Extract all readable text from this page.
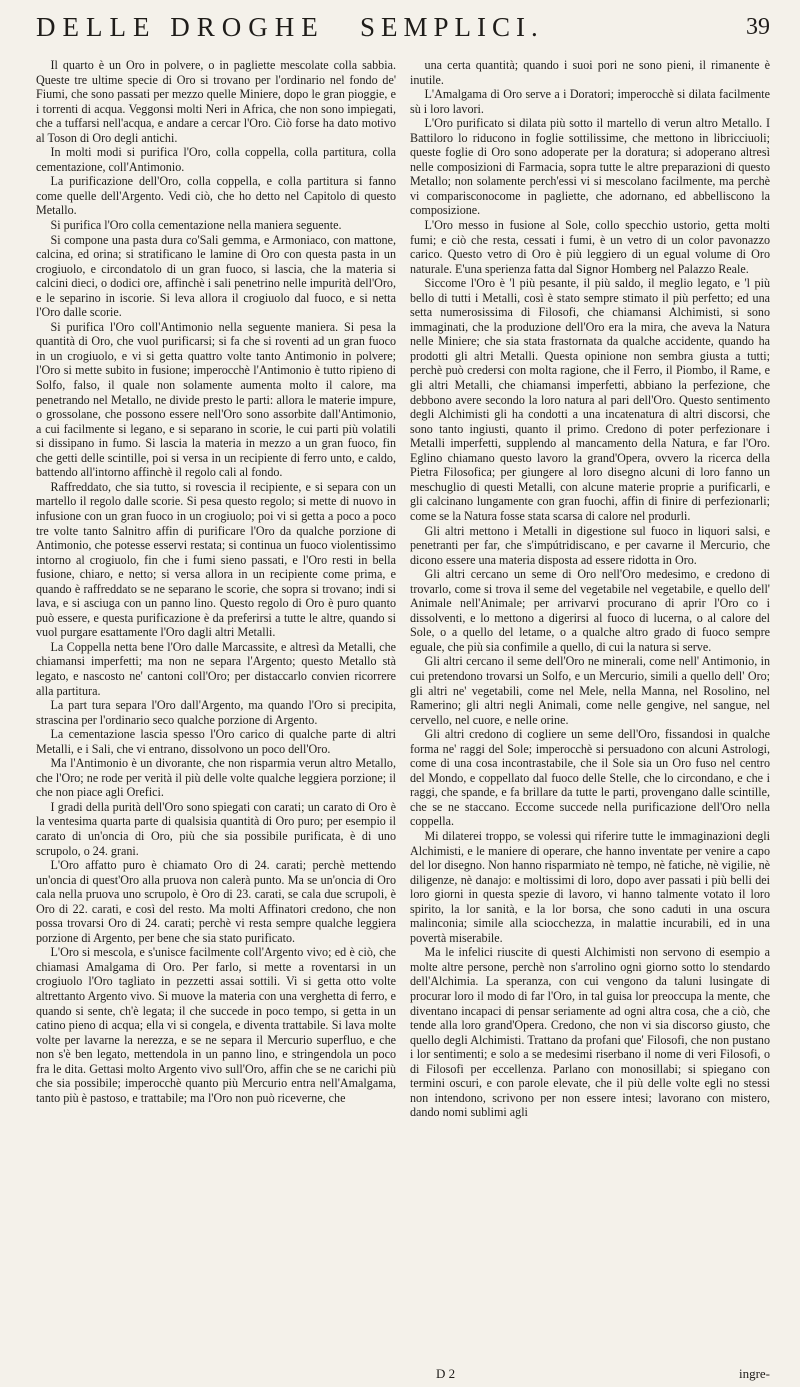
DELLE DROGHE	SEMPLICI.	39

Il quarto è un Oro in polvere, o in pagliette mescolate colla sabbia. Queste tre ultime specie di Oro si trovano per l'ordinario nel fondo de' Fiumi, che sono passati per mezzo quelle Miniere, dopo le gran pioggie, e i torrenti di acqua. Veggonsi molti Neri in Africa, che non sono impiegati, che a tuffarsi nell'acqua, e andare a cercar l'Oro. Ciò forse ha dato motivo al Toson di Oro degli antichi.

In molti modi si purifica l'Oro, colla coppella, colla partitura, colla cementazione, coll'Antimonio.

La purificazione dell'Oro, colla coppella, e colla partitura si fanno come quelle dell'Argento. Vedi ciò, che ho detto nel Capitolo di questo Metallo.

Si purifica l'Oro colla cementazione nella maniera seguente.

Si compone una pasta dura co'Sali gemma, e Armoniaco, con mattone, calcina, ed orina; si stratificano le lamine di Oro con questa pasta in un crogiuolo, e circondatolo di un gran fuoco, si lascia, che la materia si calcini dieci, o dodici ore, affinchè i sali penetrino nelle impurità dell'Oro, e le separino in iscorie. Si leva allora il crogiuolo dal fuoco, e si netta l'Oro dalle scorie.

Si purifica l'Oro coll'Antimonio nella seguente maniera. Si pesa la quantità di Oro, che vuol purificarsi; si fa che si roventi ad un gran fuoco in un crogiuolo, e vi si getta quattro volte tanto Antimonio in polvere; l'Oro si mette subito in fusione; imperocchè l'Antimonio è tutto ripieno di Solfo, falso, il quale non solamente aumenta molto il calore, ma penetrando nel Metallo, ne divide presto le parti: allora le materie impure, o grossolane, che possono essere nell'Oro sono assorbite dall'Antimonio, a cui facilmente si legano, e si separano in scorie, le cui parti più volatili si dissipano in fumo. Si lascia la materia in mezzo a un gran fuoco, fin che getti delle scintille, poi si versa in un recipiente di ferro unto, e caldo, battendo all'intorno affinchè il regolo cali al fondo.

Raffreddato, che sia tutto, si rovescia il recipiente, e si separa con un martello il regolo dalle scorie. Si pesa questo regolo; si mette di nuovo in infusione con un gran fuoco in un crogiuolo; poi vi si getta a poco a poco tre volte tanto Salnitro affin di purificare l'Oro da qualche porzione di Antimonio, che potesse esservi restata; si continua un fuoco violentissimo intorno al crogiuolo, fin che i fumi sieno passati, e l'Oro resti in bella fusione, chiaro, e netto; si versa allora in un recipiente come prima, e quando è raffreddato se ne separano le scorie, che sopra si trovano; indi si lava, e si asciuga con un panno lino. Questo regolo di Oro è puro quanto può essere, e questa purificazione è da preferirsi a tutte le altre, quando si vuol purgare esattamente l'Oro dagli altri Metalli.

La Coppella netta bene l'Oro dalle Marcassite, e altresì da Metalli, che chiamansi imperfetti; ma non ne separa l'Argento; questo Metallo stà legato, e nascosto ne' cantoni coll'Oro; per distaccarlo convien ricorrere alla partitura.

La part tura separa l'Oro dall'Argento, ma quando l'Oro si precipita, strascina per l'ordinario seco qualche porzione di Argento.

La cementazione lascia spesso l'Oro carico di qualche parte di altri Metalli, e i Sali, che vi entrano, dissolvono un poco dell'Oro.

Ma l'Antimonio è un divorante, che non risparmia verun altro Metallo, che l'Oro; ne rode per verità il più delle volte qualche leggiera porzione; il che non piace agli Orefici.

I gradi della purità dell'Oro sono spiegati con carati; un carato di Oro è la ventesima quarta parte di qualsisia quantità di Oro puro; per esempio il carato di un'oncia di Oro, più che sia possibile purificata, è di uno scrupolo, o 24. grani.

L'Oro affatto puro è chiamato Oro di 24. carati; perchè mettendo un'oncia di quest'Oro alla pruova non calerà punto. Ma se un'oncia di Oro cala nella pruova uno scrupolo, è Oro di 23. carati, se cala due scrupoli, è Oro di 22. carati, e così del resto. Ma molti Affinatori credono, che non possa trovarsi Oro di 24. carati; perchè vi resta sempre qualche leggiera porzione di Argento, per bene che sia stato purificato.

L'Oro si mescola, e s'unisce facilmente coll'Argento vivo; ed è ciò, che chiamasi Amalgama di Oro. Per farlo, si mette a roventarsi in un crogiuolo l'Oro tagliato in pezzetti assai sottili. Vi si getta otto volte altrettanto Argento vivo. Si muove la materia con una verghetta di ferro, e quando si sente, ch'è legata; il che succede in poco tempo, si getta in un catino pieno di acqua; ella vi si congela, e diventa trattabile. Si lava molte volte per lavarne la nerezza, e se ne separa il Mercurio superfluo, e che non s'è ben legato, mettendola in un panno lino, e stringendola un poco fra le dita. Gettasi molto Argento vivo sull'Oro, affin che se ne carichi più che sia possibile; imperocchè quanto più Mercurio entra nell'Amalgama, tanto più è pastoso, e trattabile; ma l'Oro non può riceverne, che

una certa quantità; quando i suoi pori ne sono pieni, il rimanente è inutile.

L'Amalgama di Oro serve a i Doratori; imperocchè si dilata facilmente sù i loro lavori.

L'Oro purificato si dilata più sotto il martello di verun altro Metallo. I Battiloro lo riducono in foglie sottilissime, che mettono in libricciuoli; queste foglie di Oro sono adoperate per la doratura; si adoperano altresì nelle composizioni di Farmacia, sopra tutte le altre preparazioni di questo Metallo; non solamente perch'essi vi si mescolano facilmente, ma perchè vi comparisconocome in pagliette, che adornano, ed abbelliscono la composizione.

L'Oro messo in fusione al Sole, collo specchio ustorio, getta molti fumi; e ciò che resta, cessati i fumi, è un vetro di un color pavonazzo carico. Questo vetro di Oro è più leggiero di un egual volume di Oro naturale. E'una sperienza fatta dal Signor Homberg nel Palazzo Reale.

Siccome l'Oro è 'l più pesante, il più saldo, il meglio legato, e 'l più bello di tutti i Metalli, così è stato sempre stimato il più perfetto; ed una setta numerosissima di Filosofi, che chiamansi Alchimisti, si sono immaginati, che la produzione dell'Oro era la mira, che aveva la Natura nelle Miniere; che sia stata frastornata da qualche accidente, quando ha prodotti gli altri Metalli. Questa opinione non sembra giusta a tutti; perchè può credersi con molta ragione, che il Ferro, il Piombo, il Rame, e gli altri Metalli, che chiamansi imperfetti, abbiano la perfezione, che debbono avere secondo la loro natura al pari dell'Oro. Questo sentimento degli Alchimisti gli ha condotti a una incatenatura di altri discorsi, che sono tanto ingiusti, quanto il primo. Credono di poter perfezionare i Metalli imperfetti, supplendo al mancamento della Natura, e far l'Oro. Eglino chiamano questo lavoro la grand'Opera, ovvero la ricerca della Pietra Filosofica; per giungere al loro disegno alcuni di loro fanno un meschuglio di questi Metalli, con alcune materie proprie a purificarli, e gli calcinano lungamente con gran fuochi, affin di finire di perfezionarli; come se la Natura fosse stata scarsa di calore nel produrli.

Gli altri mettono i Metalli in digestione sul fuoco in liquori salsi, e penetranti per far, che s'impútridiscano, e per cavarne il Mercurio, che dicono essere una materia disposta ad essere ridotta in Oro.

Gli altri cercano un seme di Oro nell'Oro medesimo, e credono di trovarlo, come si trova il seme del vegetabile nel vegetabile, e quello dell' Animale nell'Animale; per arrivarvi procurano di aprir l'Oro co i dissolventi, e lo mettono a digerirsi al fuoco di lucerna, o al calore del Sole, o a quello del letame, o a qualche altro grado di fuoco sempre eguale, che più sia confimile a quello, di cui la natura si serve.

Gli altri cercano il seme dell'Oro ne minerali, come nell' Antimonio, in cui pretendono trovarsi un Solfo, e un Mercurio, simili a quello dell' Oro; gli altri ne' vegetabili, come nel Mele, nella Manna, nel Rosolino, nel Ramerino; gli altri negli Animali, come nelle gengive, nel sangue, nel cervello, nel cuore, e nelle orine.

Gli altri credono di cogliere un seme dell'Oro, fissandosi in qualche forma ne' raggi del Sole; imperocchè si persuadono con alcuni Astrologi, come di una cosa incontrastabile, che il Sole sia un Oro fuso nel centro del Mondo, e coppellato dal fuoco delle Stelle, che lo circondano, e che i raggi, che spande, e fa brillare da tutte le parti, provengano dalle scintille, che se ne staccano. Eccome succede nella purificazione dell'Oro nella coppella.

Mi dilaterei troppo, se volessi qui riferire tutte le immaginazioni degli Alchimisti, e le maniere di operare, che hanno inventate per venire a capo del lor disegno. Non hanno risparmiato nè tempo, nè fatiche, nè vigilie, nè diligenze, nè danajo: e moltissimi di loro, dopo aver passati i più belli dei loro giorni in questa spezie di lavoro, vi hanno talmente votato il loro spirito, la lor sanità, e la lor borsa, che sono caduti in una oscura malinconia; simile alla sciocchezza, in malattie incurabili, ed in una povertà miserabile.

Ma le infelici riuscite di questi Alchimisti non servono di esempio a molte altre persone, perchè non s'arrolino ogni giorno sotto lo stendardo dell'Alchimia. La speranza, con cui vengono da taluni lusingate di procurar loro il modo di far l'Oro, in tal guisa lor preoccupa la mente, che diventano incapaci di pensar seriamente ad ogni altra cosa, che a ciò, che tende alla loro grand'Opera. Credono, che non vi sia discorso giusto, che quello degli Alchimisti. Trattano da profani que' Filosofi, che non pustano i lor sentimenti; e solo a se medesimi riserbano il nome di veri Filosofi, o di Filosofi per eccellenza. Parlano con monosillabi; si spiegano con termini oscuri, e con parole elevate, che il più delle volte egli no stessi non intendono, scrivono per non essere intesi; lavorano con mistero, dando nomi sublimi agli

D 2	ingre-
